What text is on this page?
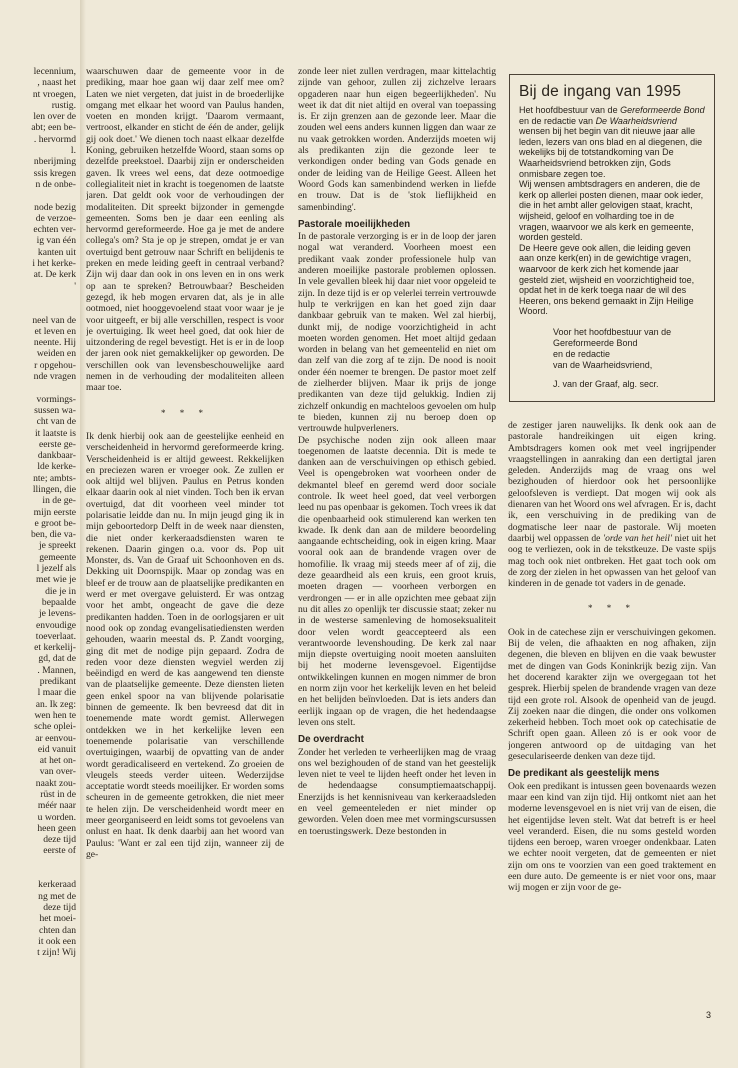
lecennium,
, naast het
nt vroegen,
rustig.
len over de
abt; een be-
. hervormd
l.
nberijming
ssis kregen
n de onbe-

node bezig
de verzoe-
echten ver-
ig van één
kanten uit
i het kerke-
at. De kerk
'

neel van de
et leven en
neente. Hij
weiden en
r opgehou-
nde vragen

vormings-
sussen wa-
cht van de
it laatste is
eerste ge-
dankbaar-
lde kerke-
nte; ambts-
llingen, die
in de ge-
mijn eerste
e groot be-
ben, die va-
je spreekt
gemeente
l jezelf als
met wie je
die je in
bepaalde
je levens-
envoudige
toeverlaat.
et kerkelij-
gd, dat de
. Mannen,
predikant
l maar die
an. Ik zeg:
wen hen te
sche oplei-
ar eenvou-
eid vanuit
at het on-
van over-
naakt zou-
rüst in de
méér naar
u worden.
heen geen
deze tijd
eerste of

kerkeraad
ng met de
deze tijd
het moei-
chten dan
it ook een
t zijn! Wij

waarschuwen daar de gemeente voor in de prediking, maar hoe gaan wij daar zelf mee om? Laten we niet vergeten, dat juist in de broederlijke omgang met elkaar het woord van Paulus handen, voeten en monden krijgt. 'Daarom vermaant, vertroost, elkander en sticht de één de ander, gelijk gij ook doet.' We dienen toch naast elkaar dezelfde Koning, gebruiken hetzelfde Woord, staan soms op dezelfde preekstoel. Daarbij zijn er onderscheiden gaven. Ik vrees wel eens, dat deze ootmoedige collegialiteit niet in kracht is toegenomen de laatste jaren. Dat geldt ook voor de verhoudingen der modaliteiten. Dit spreekt bijzonder in gemengde gemeenten. Soms ben je daar een eenling als hervormd gereformeerde. Hoe ga je met de andere collega's om? Sta je op je strepen, omdat je er van overtuigd bent getrouw naar Schrift en belijdenis te preken en mede leiding geeft in centraal verband? Zijn wij daar dan ook in ons leven en in ons werk op aan te spreken? Betrouwbaar? Bescheiden gezegd, ik heb mogen ervaren dat, als je in alle ootmoed, niet hooggevoelend staat voor waar je je voor uitgeeft, er bij alle verschillen, respect is voor je overtuiging. Ik weet heel goed, dat ook hier de uitzondering de regel bevestigt. Het is er in de loop der jaren ook niet gemakkelijker op geworden. De verschillen ook van levensbeschouwelijke aard nemen in de verhouding der modaliteiten alleen maar toe.

* * *

Ik denk hierbij ook aan de geestelijke eenheid en verscheidenheid in hervormd gereformeerde kring. Verscheidenheid is er altijd geweest. Rekkelijken en preciezen waren er vroeger ook. Ze zullen er ook altijd wel blijven. Paulus en Petrus konden elkaar daarin ook al niet vinden. Toch ben ik ervan overtuigd, dat dit voorheen veel minder tot polarisatie leidde dan nu. In mijn jeugd ging ik in mijn geboortedorp Delft in de week naar diensten, die niet onder kerkeraadsdiensten waren te rekenen. Daarin gingen o.a. voor ds. Pop uit Monster, ds. Van de Graaf uit Schoonhoven en ds. Dekking uit Doornspijk. Maar op zondag was en bleef er de trouw aan de plaatselijke predikanten en werd er met overgave geluisterd. Er was ontzag voor het ambt, ongeacht de gave die deze predikanten hadden. Toen in de oorlogsjaren er uit nood ook op zondag evangelisatiediensten werden gehouden, waarin meestal ds. P. Zandt voorging, ging dit met de nodige pijn gepaard. Zodra de reden voor deze diensten wegviel werden zij beëindigd en werd de kas aangewend ten dienste van de plaatselijke gemeente. Deze diensten lieten geen enkel spoor na van blijvende polarisatie binnen de gemeente. Ik ben bevreesd dat dit in toenemende mate wordt gemist. Allerwegen ontdekken we in het kerkelijke leven een toenemende polarisatie van verschillende overtuigingen, waarbij de opvatting van de ander wordt geradicaliseerd en vertekend. Zo groeien de vleugels steeds verder uiteen. Wederzijdse acceptatie wordt steeds moeilijker. Er worden soms scheuren in de gemeente getrokken, die niet meer te helen zijn. De verscheidenheid wordt meer en meer georganiseerd en leidt soms tot gevoelens van onlust en haat. Ik denk daarbij aan het woord van Paulus: 'Want er zal een tijd zijn, wanneer zij de ge-

zonde leer niet zullen verdragen, maar kittelachtig zijnde van gehoor, zullen zij zichzelve leraars opgaderen naar hun eigen begeerlijkheden'. Nu weet ik dat dit niet altijd en overal van toepassing is. Er zijn grenzen aan de gezonde leer. Maar die zouden wel eens anders kunnen liggen dan waar ze nu vaak getrokken worden. Anderzijds moeten wij als predikanten zijn die gezonde leer te verkondigen onder beding van Gods genade en onder de leiding van de Heilige Geest. Alleen het Woord Gods kan samenbindend werken in liefde en trouw. Dat is de 'stok lieflijkheid en samenbinding'.

Pastorale moeilijkheden

In de pastorale verzorging is er in de loop der jaren nogal wat veranderd. Voorheen moest een predikant vaak zonder professionele hulp van anderen moeilijke pastorale problemen oplossen. In vele gevallen bleek hij daar niet voor opgeleid te zijn. In deze tijd is er op velerlei terrein vertrouwde hulp te verkrijgen en kan het goed zijn daar dankbaar gebruik van te maken. Wel zal hierbij, dunkt mij, de nodige voorzichtigheid in acht moeten worden genomen. Het moet altijd gedaan worden in belang van het gemeentelid en niet om dan zelf van die zorg af te zijn. De nood is nooit onder één noemer te brengen. De pastor moet zelf de zielherder blijven. Maar ik prijs de jonge predikanten van deze tijd gelukkig. Indien zij zichzelf onkundig en machteloos gevoelen om hulp te bieden, kunnen zij nu beroep doen op vertrouwde hulpverleners.

De psychische noden zijn ook alleen maar toegenomen de laatste decennia. Dit is mede te danken aan de verschuivingen op ethisch gebied. Veel is opengebroken wat voorheen onder de dekmantel bleef en geremd werd door sociale controle. Ik weet heel goed, dat veel verborgen leed nu pas openbaar is gekomen. Toch vrees ik dat die openbaarheid ook stimulerend kan werken ten kwade. Ik denk dan aan de mildere beoordeling aangaande echtscheiding, ook in eigen kring. Maar vooral ook aan de brandende vragen over de homofilie. Ik vraag mij steeds meer af of zij, die deze geaardheid als een kruis, een groot kruis, moeten dragen — voorheen verborgen en verdrongen — er in alle opzichten mee gebaat zijn nu dit alles zo openlijk ter discussie staat; zeker nu in de westerse samenleving de homoseksualiteit door velen wordt geaccepteerd als een verantwoorde levenshouding. De kerk zal naar mijn diepste overtuiging nooit moeten aansluiten bij het moderne levensgevoel. Eigentijdse ontwikkelingen kunnen en mogen nimmer de bron en norm zijn voor het kerkelijk leven en het beleid en het belijden beïnvloeden. Dat is iets anders dan eerlijk ingaan op de vragen, die het hedendaagse leven ons stelt.

De overdracht

Zonder het verleden te verheerlijken mag de vraag ons wel bezighouden of de stand van het geestelijk leven niet te veel te lijden heeft onder het leven in de hedendaagse consumptiemaatschappij. Enerzijds is het kennisniveau van kerkeraadsleden en veel gemeenteleden er niet minder op geworden. Velen doen mee met vormingscursussen en toerustingswerk. Deze bestonden in

Bij de ingang van 1995

Het hoofdbestuur van de Gereformeerde Bond en de redactie van De Waarheidsvriend wensen bij het begin van dit nieuwe jaar alle leden, lezers van ons blad en al diegenen, die wekelijks bij de totstandkoming van De Waarheidsvriend betrokken zijn, Gods onmisbare zegen toe.

Wij wensen ambtsdragers en anderen, die de kerk op allerlei posten dienen, maar ook ieder, die in het ambt aller gelovigen staat, kracht, wijsheid, geloof en volharding toe in de vragen, waarvoor we als kerk en gemeente, worden gesteld.

De Heere geve ook allen, die leiding geven aan onze kerk(en) in de gewichtige vragen, waarvoor de kerk zich het komende jaar gesteld ziet, wijsheid en voorzichtigheid toe, opdat het in de kerk toega naar de wil des Heeren, ons bekend gemaakt in Zijn Heilige Woord.

Voor het hoofdbestuur van de
Gereformeerde Bond
en de redactie
van de Waarheidsvriend,
J. van der Graaf, alg. secr.

de zestiger jaren nauwelijks. Ik denk ook aan de pastorale handreikingen uit eigen kring. Ambtsdragers komen ook met veel ingrijpender vraagstellingen in aanraking dan een dertigtal jaren geleden. Anderzijds mag de vraag ons wel bezighouden of hierdoor ook het persoonlijke geloofsleven is verdiept. Dat mogen wij ook als dienaren van het Woord ons wel afvragen. Er is, dacht ik, een verschuiving in de prediking van de dogmatische leer naar de pastorale. Wij moeten daarbij wel oppassen de 'orde van het heil' niet uit het oog te verliezen, ook in de tekstkeuze. De vaste spijs mag toch ook niet ontbreken. Het gaat toch ook om de zorg der zielen in het opwassen van het geloof van kinderen in de genade tot vaders in de genade.

* * *

Ook in de catechese zijn er verschuivingen gekomen. Bij de velen, die afhaakten en nog afhaken, zijn degenen, die bleven en blijven en die vaak bewuster met de dingen van Gods Koninkrijk bezig zijn. Van het docerend karakter zijn we overgegaan tot het gesprek. Hierbij spelen de brandende vragen van deze tijd een grote rol. Alsook de openheid van de jeugd. Zij zoeken naar die dingen, die onder ons volkomen zekerheid hebben. Toch moet ook op catechisatie de Schrift open gaan. Alleen zó is er ook voor de jongeren antwoord op de uitdaging van het geseculariseerde denken van deze tijd.

De predikant als geestelijk mens

Ook een predikant is intussen geen bovenaards wezen maar een kind van zijn tijd. Hij ontkomt niet aan het moderne levensgevoel en is niet vrij van de eisen, die het eigentijdse leven stelt. Wat dat betreft is er heel veel veranderd. Eisen, die nu soms gesteld worden tijdens een beroep, waren vroeger ondenkbaar. Laten we echter nooit vergeten, dat de gemeenten er niet zijn om ons te voorzien van een goed traktement en een dure auto. De gemeente is er niet voor ons, maar wij mogen er zijn voor de ge-

3
